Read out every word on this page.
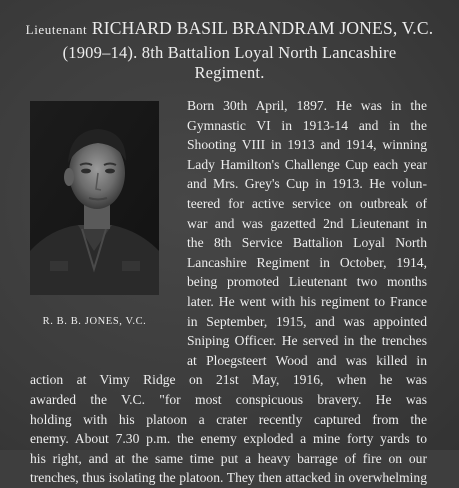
Lieutenant RICHARD BASIL BRANDRAM JONES, V.C.
(1909–14). 8th Battalion Loyal North Lancashire
Regiment.
R. B. B. JONES, V.C.
Born 30th April, 1897. He was in the
Gymnastic VI in 1913-14 and in the
Shooting VIII in 1913 and 1914, winning
Lady Hamilton's Challenge Cup each year
and Mrs. Grey's Cup in 1913. He volun-
teered for active service on outbreak of
war and was gazetted 2nd Lieutenant in
the 8th Service Battalion Loyal North
Lancashire Regiment in October, 1914,
being promoted Lieutenant two months
later. He went with his regiment to France
in September, 1915, and was appointed
Sniping Officer. He served in the trenches
at Ploegsteert Wood and was killed in
action at Vimy Ridge on 21st May, 1916, when he was
awarded the V.C. "for most conspicuous bravery. He was
holding with his platoon a crater recently captured from the
enemy. About 7.30 p.m. the enemy exploded a mine forty yards to
his right, and at the same time put a heavy barrage of fire on our
trenches, thus isolating the platoon. They then attacked in overwhelming
